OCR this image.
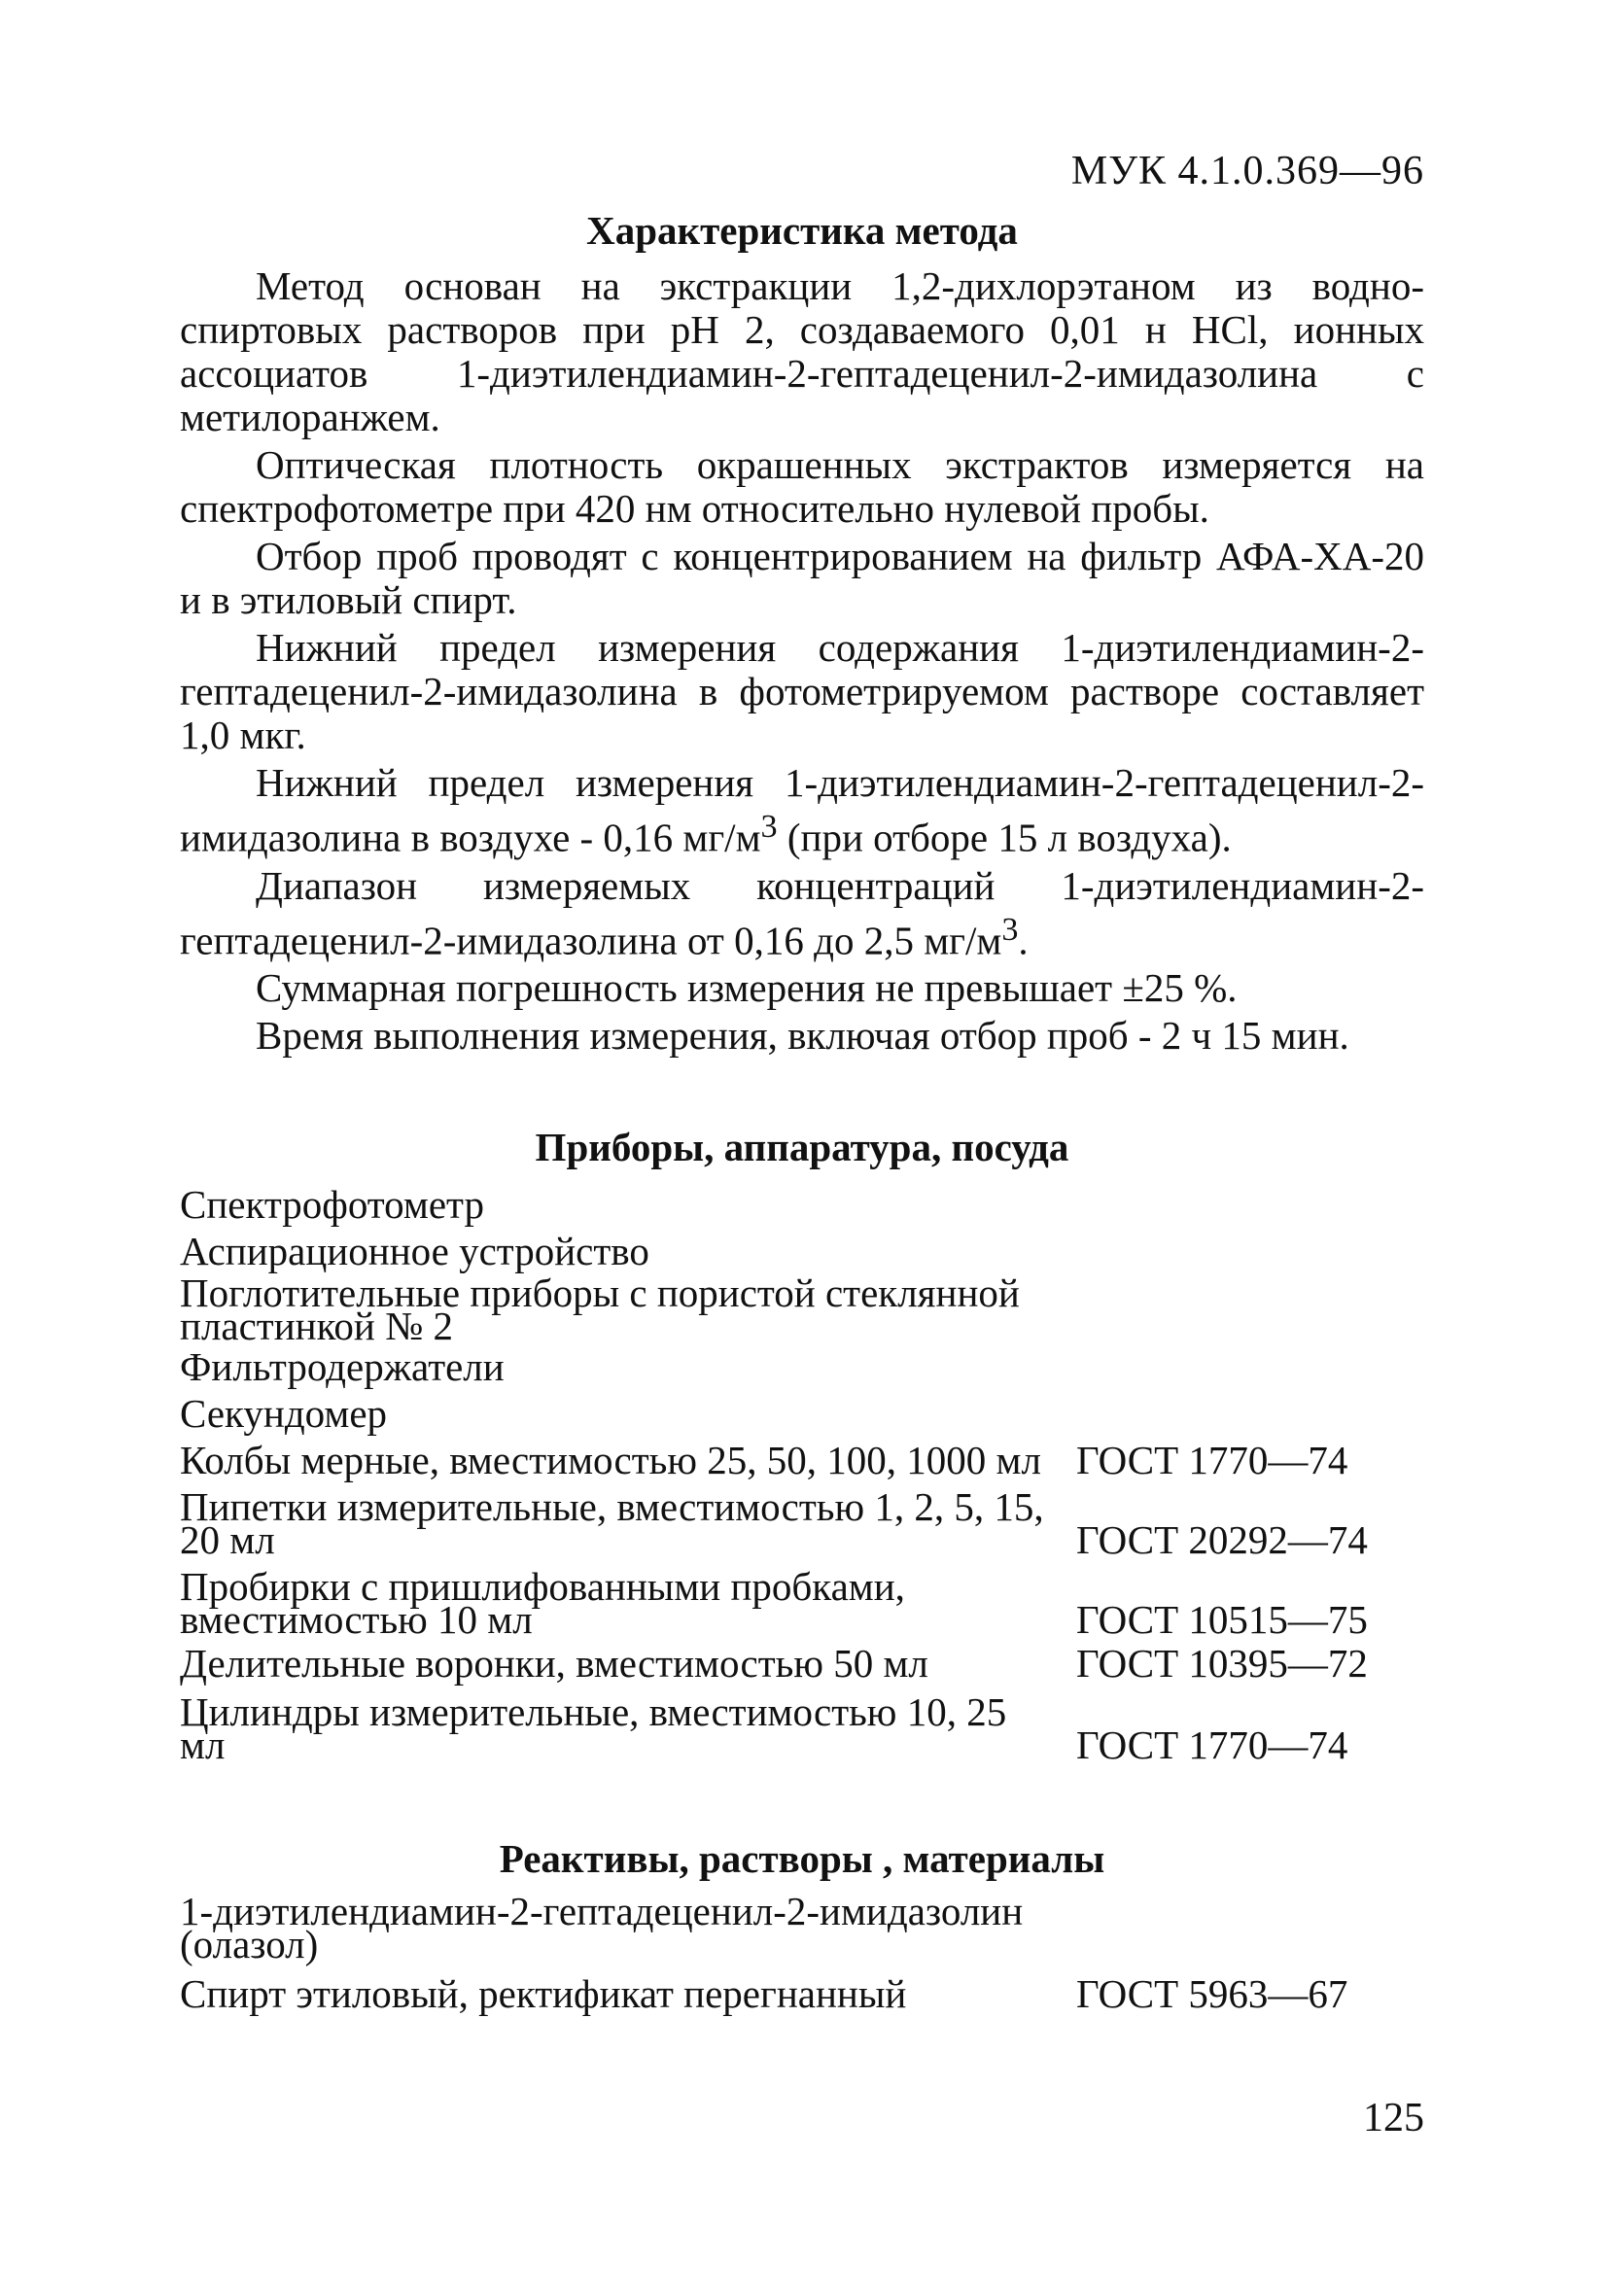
МУК 4.1.0.369—96

Характеристика метода

Метод основан на экстракции 1,2-дихлорэтаном из водно-спиртовых растворов при рН 2, создаваемого 0,01 н HCl, ионных ассоциатов 1-диэтилендиамин-2-гептадеценил-2-имидазолина с метилоранжем.

Оптическая плотность окрашенных экстрактов измеряется на спектрофотометре при 420 нм относительно нулевой пробы.

Отбор проб проводят с концентрированием на фильтр АФА-ХА-20 и в этиловый спирт.

Нижний предел измерения содержания 1-диэтилендиамин-2-гептадеценил-2-имидазолина в фотометрируемом растворе составляет 1,0 мкг.

Нижний предел измерения 1-диэтилендиамин-2-гептадеценил-2-имидазолина в воздухе - 0,16 $мг/м^3$ (при отборе 15 л воздуха).

Диапазон измеряемых концентраций 1-диэтилендиамин-2-гептадеценил-2-имидазолина от 0,16 до 2,5 $мг/м^3$.

Суммарная погрешность измерения не превышает ±25 %.

Время выполнения измерения, включая отбор проб - 2 ч 15 мин.

Приборы, аппаратура, посуда

Спектрофотометр
Аспирационное устройство
Поглотительные приборы с пористой стеклянной пластинкой № 2
Фильтродержатели
Секундомер
Колбы мерные, вместимостью 25, 50, 100, 1000 мл ГОСТ 1770—74
Пипетки измерительные, вместимостью 1, 2, 5, 15, 20 мл	ГОСТ 20292—74
Пробирки с пришлифованными пробками, вместимостью 10 мл	ГОСТ 10515—75
Делительные воронки, вместимостью 50 мл	ГОСТ 10395—72
Цилиндры измерительные, вместимостью 10, 25 мл	ГОСТ 1770—74

Реактивы, растворы , материалы

1-диэтилендиамин-2-гептадеценил-2-имидазолин (олазол)
Спирт этиловый, ректификат перегнанный	ГОСТ 5963—67
125
